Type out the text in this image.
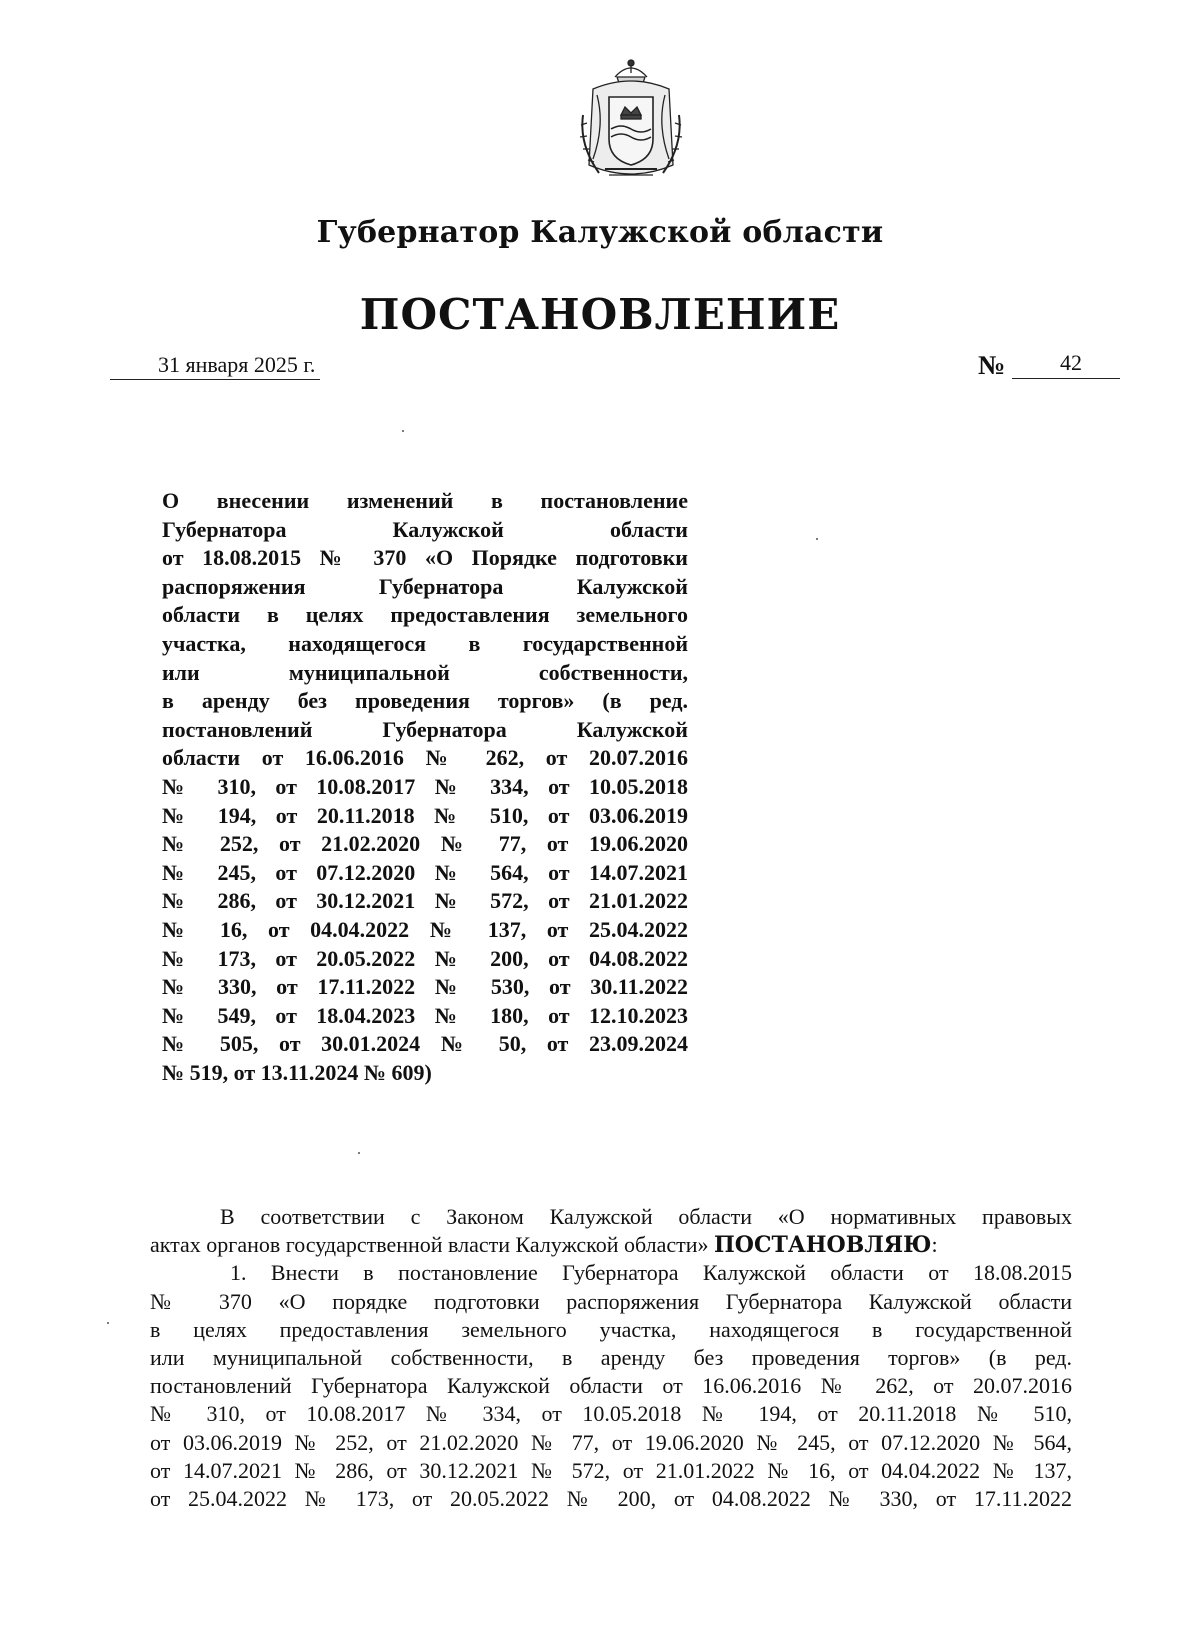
Губернатор Калужской области
ПОСТАНОВЛЕНИЕ
31 января 2025 г.	№ 42
О внесении изменений в постановление
Губернатора Калужской области
от 18.08.2015 № 370 «О Порядке подготовки
распоряжения Губернатора Калужской
области в целях предоставления земельного
участка, находящегося в государственной
или муниципальной собственности,
в аренду без проведения торгов» (в ред.
постановлений Губернатора Калужской
области от 16.06.2016 № 262, от 20.07.2016
№ 310, от 10.08.2017 № 334, от 10.05.2018
№ 194, от 20.11.2018 № 510, от 03.06.2019
№ 252, от 21.02.2020 № 77, от 19.06.2020
№ 245, от 07.12.2020 № 564, от 14.07.2021
№ 286, от 30.12.2021 № 572, от 21.01.2022
№ 16, от 04.04.2022 № 137, от 25.04.2022
№ 173, от 20.05.2022 № 200, от 04.08.2022
№ 330, от 17.11.2022 № 530, от 30.11.2022
№ 549, от 18.04.2023 № 180, от 12.10.2023
№ 505, от 30.01.2024 № 50, от 23.09.2024
№ 519, от 13.11.2024 № 609)
В соответствии с Законом Калужской области «О нормативных правовых
актах органов государственной власти Калужской области» ПОСТАНОВЛЯЮ:
1. Внести в постановление Губернатора Калужской области от 18.08.2015
№ 370 «О порядке подготовки распоряжения Губернатора Калужской области
в целях предоставления земельного участка, находящегося в государственной
или муниципальной собственности, в аренду без проведения торгов» (в ред.
постановлений Губернатора Калужской области от 16.06.2016 № 262, от 20.07.2016
№ 310, от 10.08.2017 № 334, от 10.05.2018 № 194, от 20.11.2018 № 510,
от 03.06.2019 № 252, от 21.02.2020 № 77, от 19.06.2020 № 245, от 07.12.2020 № 564,
от 14.07.2021 № 286, от 30.12.2021 № 572, от 21.01.2022 № 16, от 04.04.2022 № 137,
от 25.04.2022 № 173, от 20.05.2022 № 200, от 04.08.2022 № 330, от 17.11.2022
